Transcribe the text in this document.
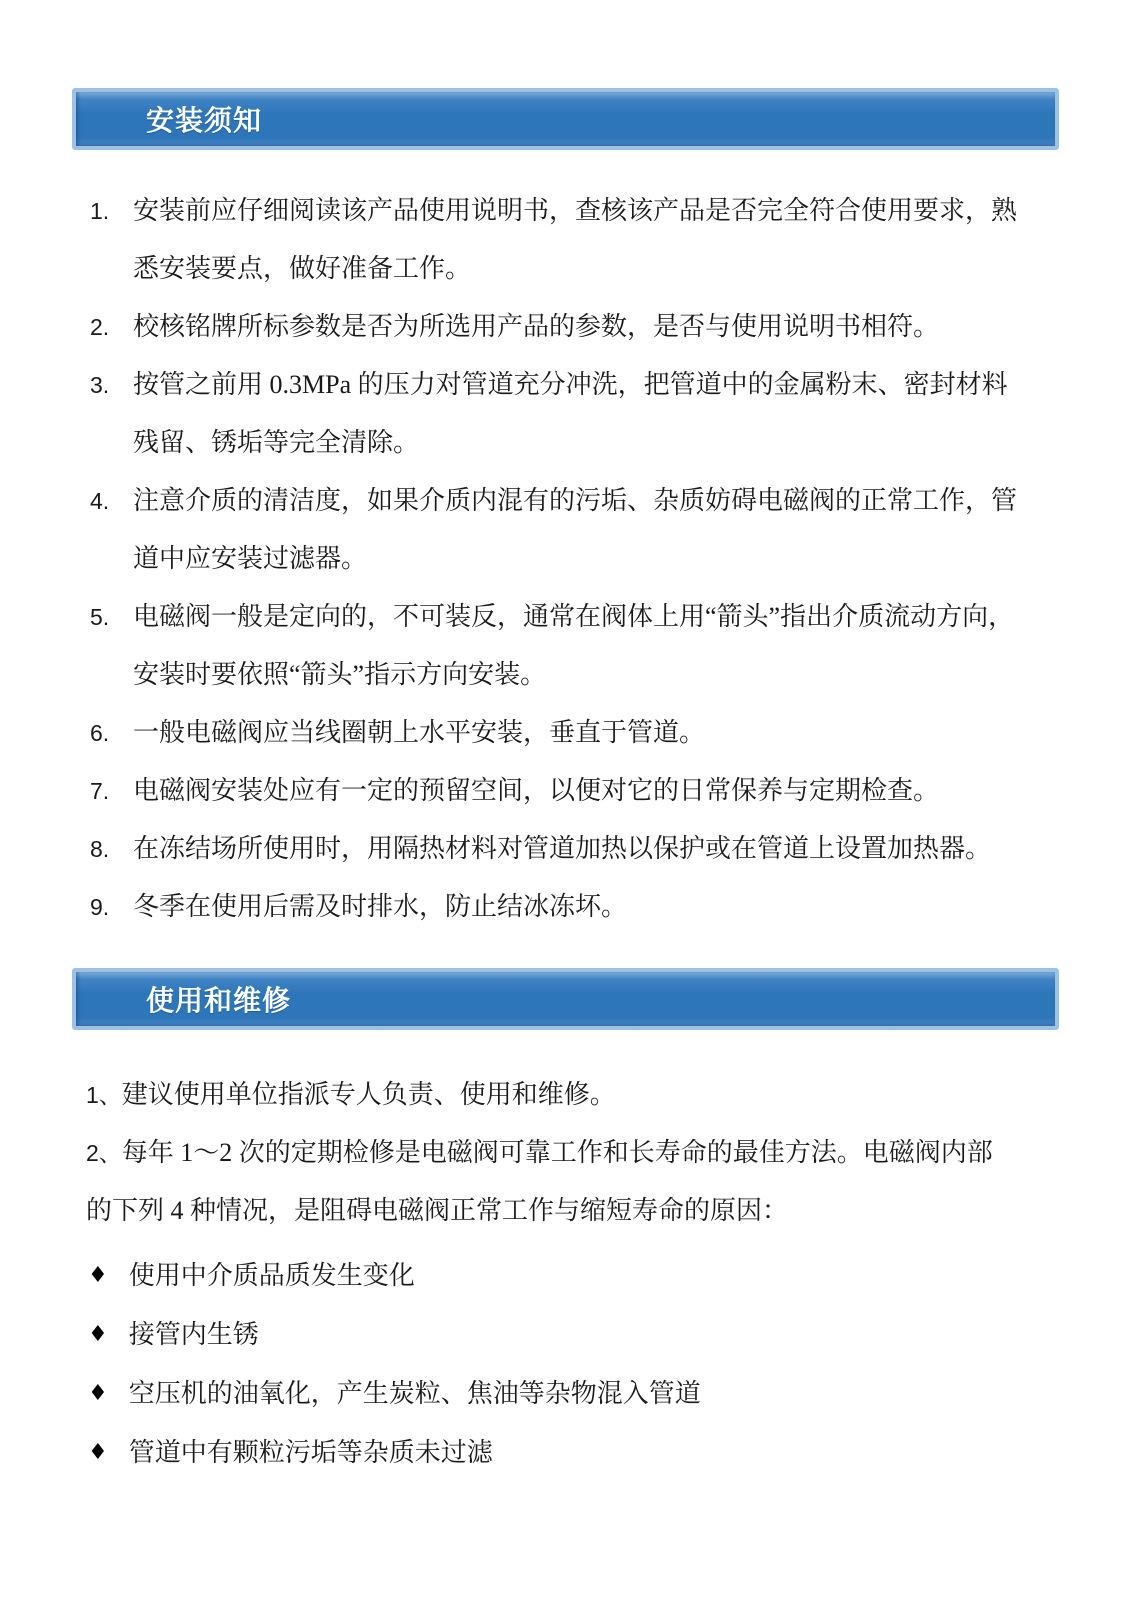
安装须知
1. 安装前应仔细阅读该产品使用说明书，查核该产品是否完全符合使用要求，熟悉安装要点，做好准备工作。
2. 校核铭牌所标参数是否为所选用产品的参数，是否与使用说明书相符。
3. 按管之前用 0.3MPa 的压力对管道充分冲洗，把管道中的金属粉末、密封材料残留、锈垢等完全清除。
4. 注意介质的清洁度，如果介质内混有的污垢、杂质妨碍电磁阀的正常工作，管道中应安装过滤器。
5. 电磁阀一般是定向的，不可装反，通常在阀体上用“箭头”指出介质流动方向，安装时要依照“箭头”指示方向安装。
6. 一般电磁阀应当线圈朝上水平安装，垂直于管道。
7. 电磁阀安装处应有一定的预留空间，以便对它的日常保养与定期检查。
8. 在冻结场所使用时，用隔热材料对管道加热以保护或在管道上设置加热器。
9. 冬季在使用后需及时排水，防止结冰冻坏。
使用和维修
1、建议使用单位指派专人负责、使用和维修。
2、每年 1～2 次的定期检修是电磁阀可靠工作和长寿命的最佳方法。电磁阀内部的下列 4 种情况，是阻碍电磁阀正常工作与缩短寿命的原因：
♦ 使用中介质品质发生变化
♦ 接管内生锈
♦ 空压机的油氧化，产生炭粒、焦油等杂物混入管道
♦ 管道中有颗粒污垢等杂质未过滤
